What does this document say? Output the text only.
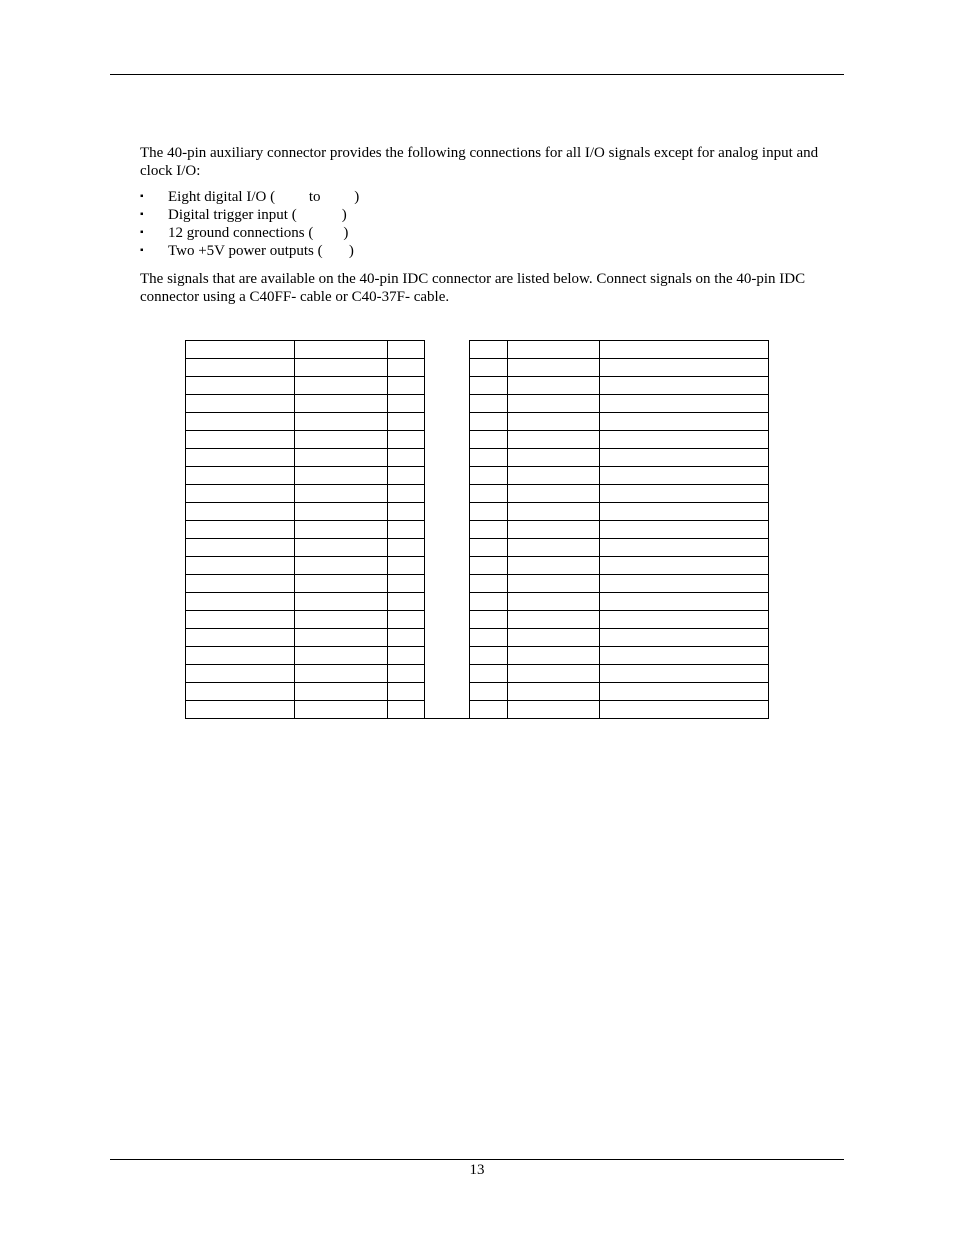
The 40-pin auxiliary connector provides the following connections for all I/O signals except for analog input and clock I/O:

▪ Eight digital I/O (         to         )
▪ Digital trigger input (            )
▪ 12 ground connections (        )
▪ Two +5V power outputs (       )

The signals that are available on the 40-pin IDC connector are listed below. Connect signals on the 40-pin IDC connector using a C40FF- cable or C40-37F- cable.

13
